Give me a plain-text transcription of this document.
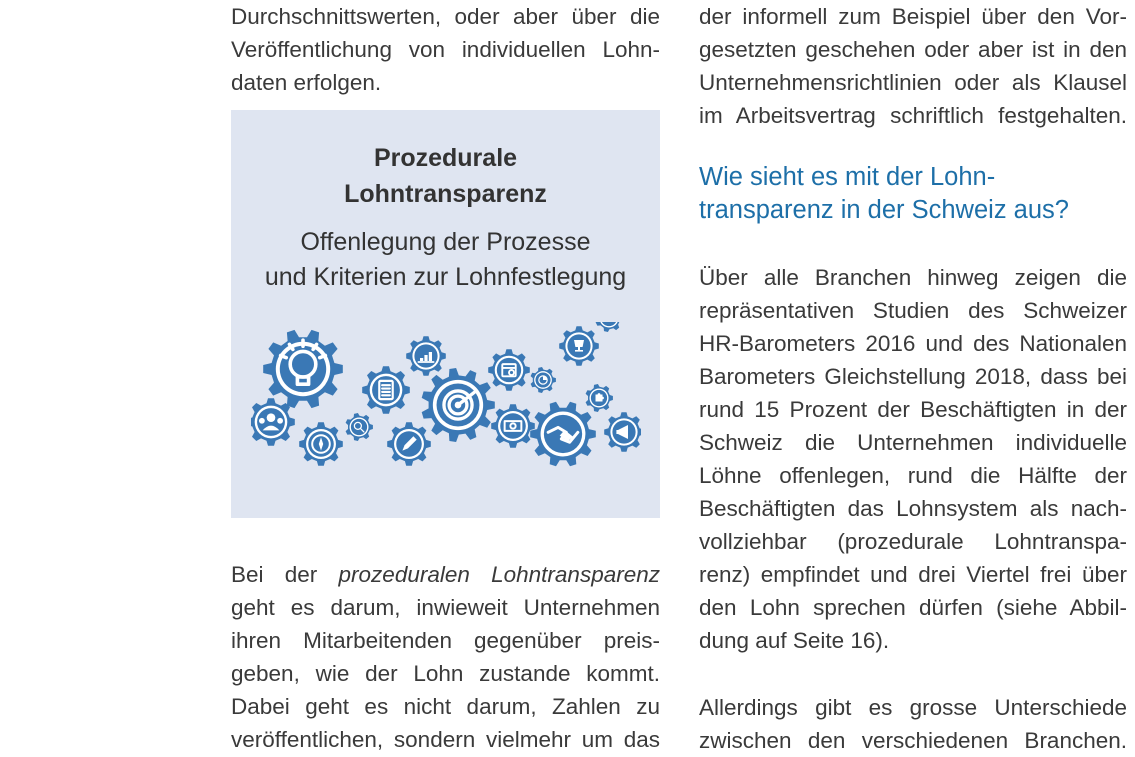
Durchschnittswerten, oder aber über die
Veröffentlichung von individuellen Lohn-
daten erfolgen.
Bei der prozeduralen Lohntransparenz
geht es darum, inwieweit Unternehmen
ihren Mitarbeitenden gegenüber preis-
geben, wie der Lohn zustande kommt.
Dabei geht es nicht darum, Zahlen zu
veröffentlichen, sondern vielmehr um das
Prozedurale
Lohntransparenz
Offenlegung der Prozesse
und Kriterien zur Lohnfestlegung
der informell zum Beispiel über den Vor-
gesetzten geschehen oder aber ist in den
Unternehmensrichtlinien oder als Klausel
im Arbeitsvertrag schriftlich festgehalten.
Wie sieht es mit der Lohn-
transparenz in der Schweiz aus?
Über alle Branchen hinweg zeigen die
repräsentativen Studien des Schweizer
HR-Barometers 2016 und des Nationalen
Barometers Gleichstellung 2018, dass bei
rund 15 Prozent der Beschäftigten in der
Schweiz die Unternehmen individuelle
Löhne offenlegen, rund die Hälfte der
Beschäftigten das Lohnsystem als nach-
vollziehbar (prozedurale Lohntranspa-
renz) empfindet und drei Viertel frei über
den Lohn sprechen dürfen (siehe Abbil-
dung auf Seite 16).
Allerdings gibt es grosse Unterschiede
zwischen den verschiedenen Branchen.
